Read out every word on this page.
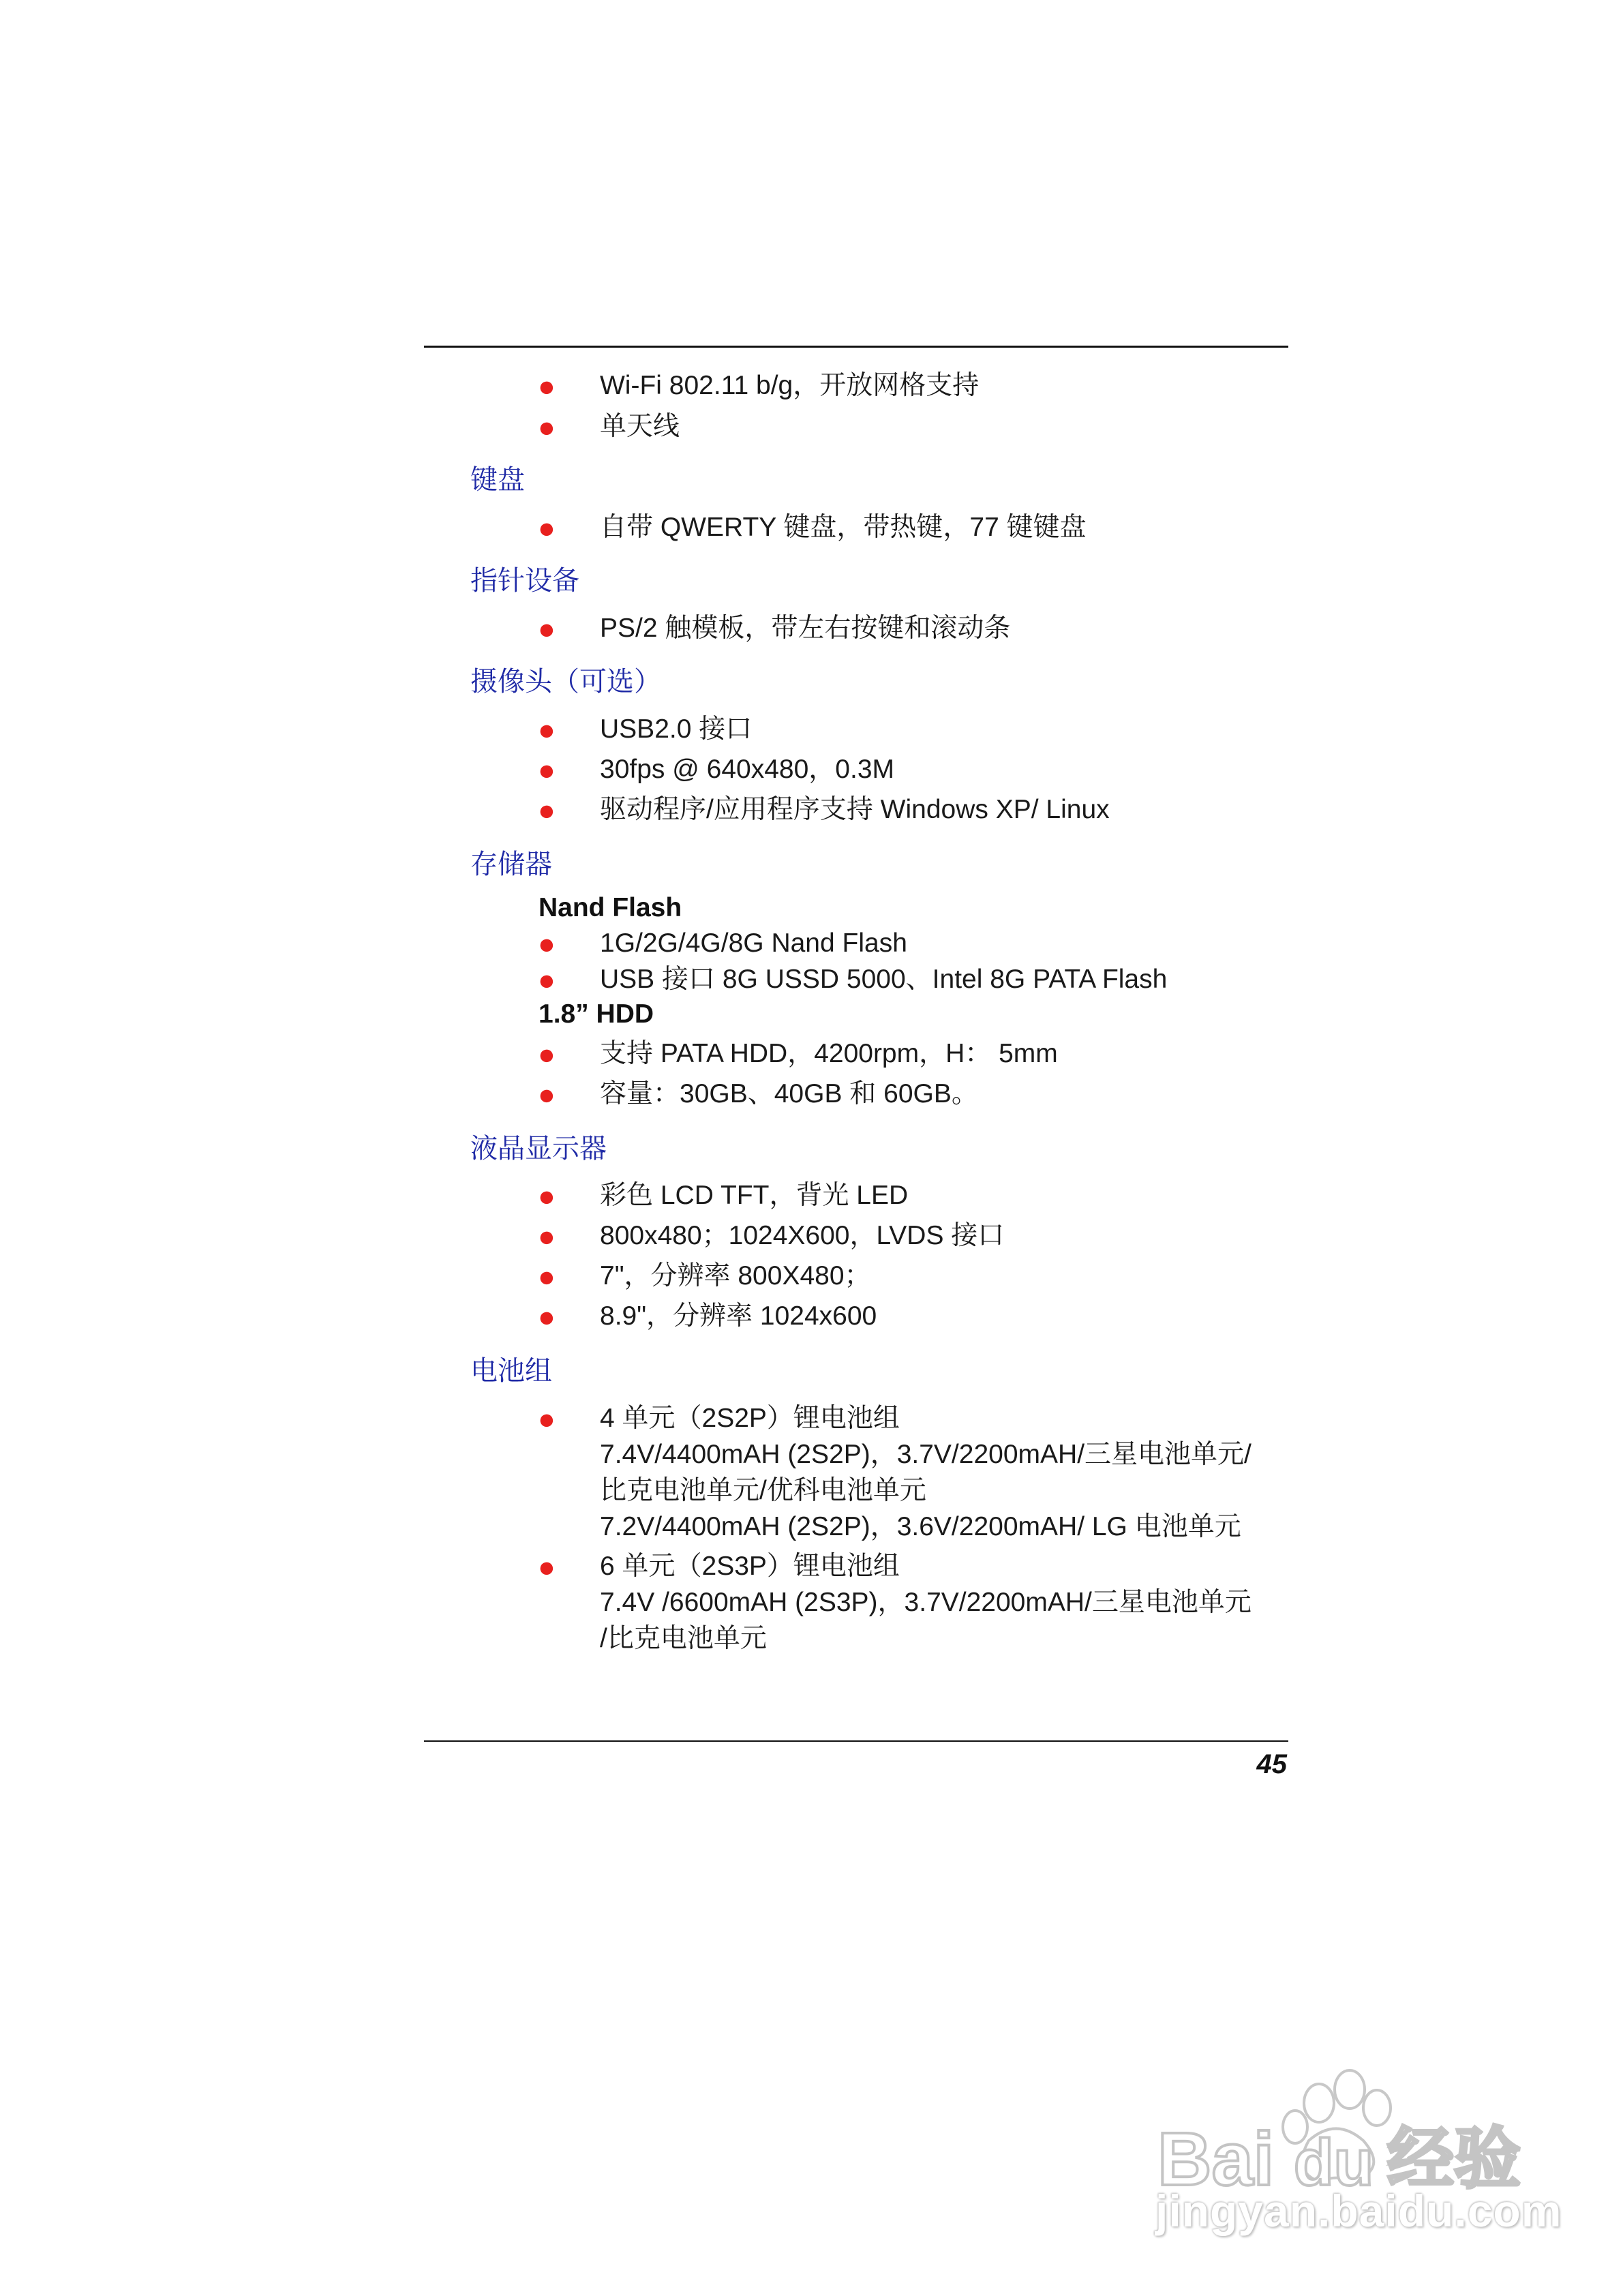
● Wi-Fi 802.11 b/g，开放网格支持
● 单天线
键盘
● 自带 QWERTY 键盘，带热键，77 键键盘
指针设备
● PS/2 触模板，带左右按键和滚动条
摄像头（可选）
● USB2.0 接口
● 30fps @ 640x480，0.3M
● 驱动程序/应用程序支持 Windows XP/ Linux
存储器
Nand Flash
● 1G/2G/4G/8G Nand Flash
● USB 接口 8G USSD 5000、Intel 8G PATA Flash
1.8” HDD
● 支持 PATA HDD，4200rpm，H： 5mm
● 容量：30GB、40GB 和 60GB。
液晶显示器
● 彩色 LCD TFT，背光 LED
● 800x480；1024X600，LVDS 接口
● 7"，分辨率 800X480；
● 8.9"，分辨率 1024x600
电池组
● 4 单元（2S2P）锂电池组
7.4V/4400mAH (2S2P)，3.7V/2200mAH/三星电池单元/
比克电池单元/优科电池单元
7.2V/4400mAH (2S2P)，3.6V/2200mAH/ LG 电池单元
● 6 单元（2S3P）锂电池组
7.4V /6600mAH (2S3P)，3.7V/2200mAH/三星电池单元
/比克电池单元
45
Bai du 经验
jingyan.baidu.com
